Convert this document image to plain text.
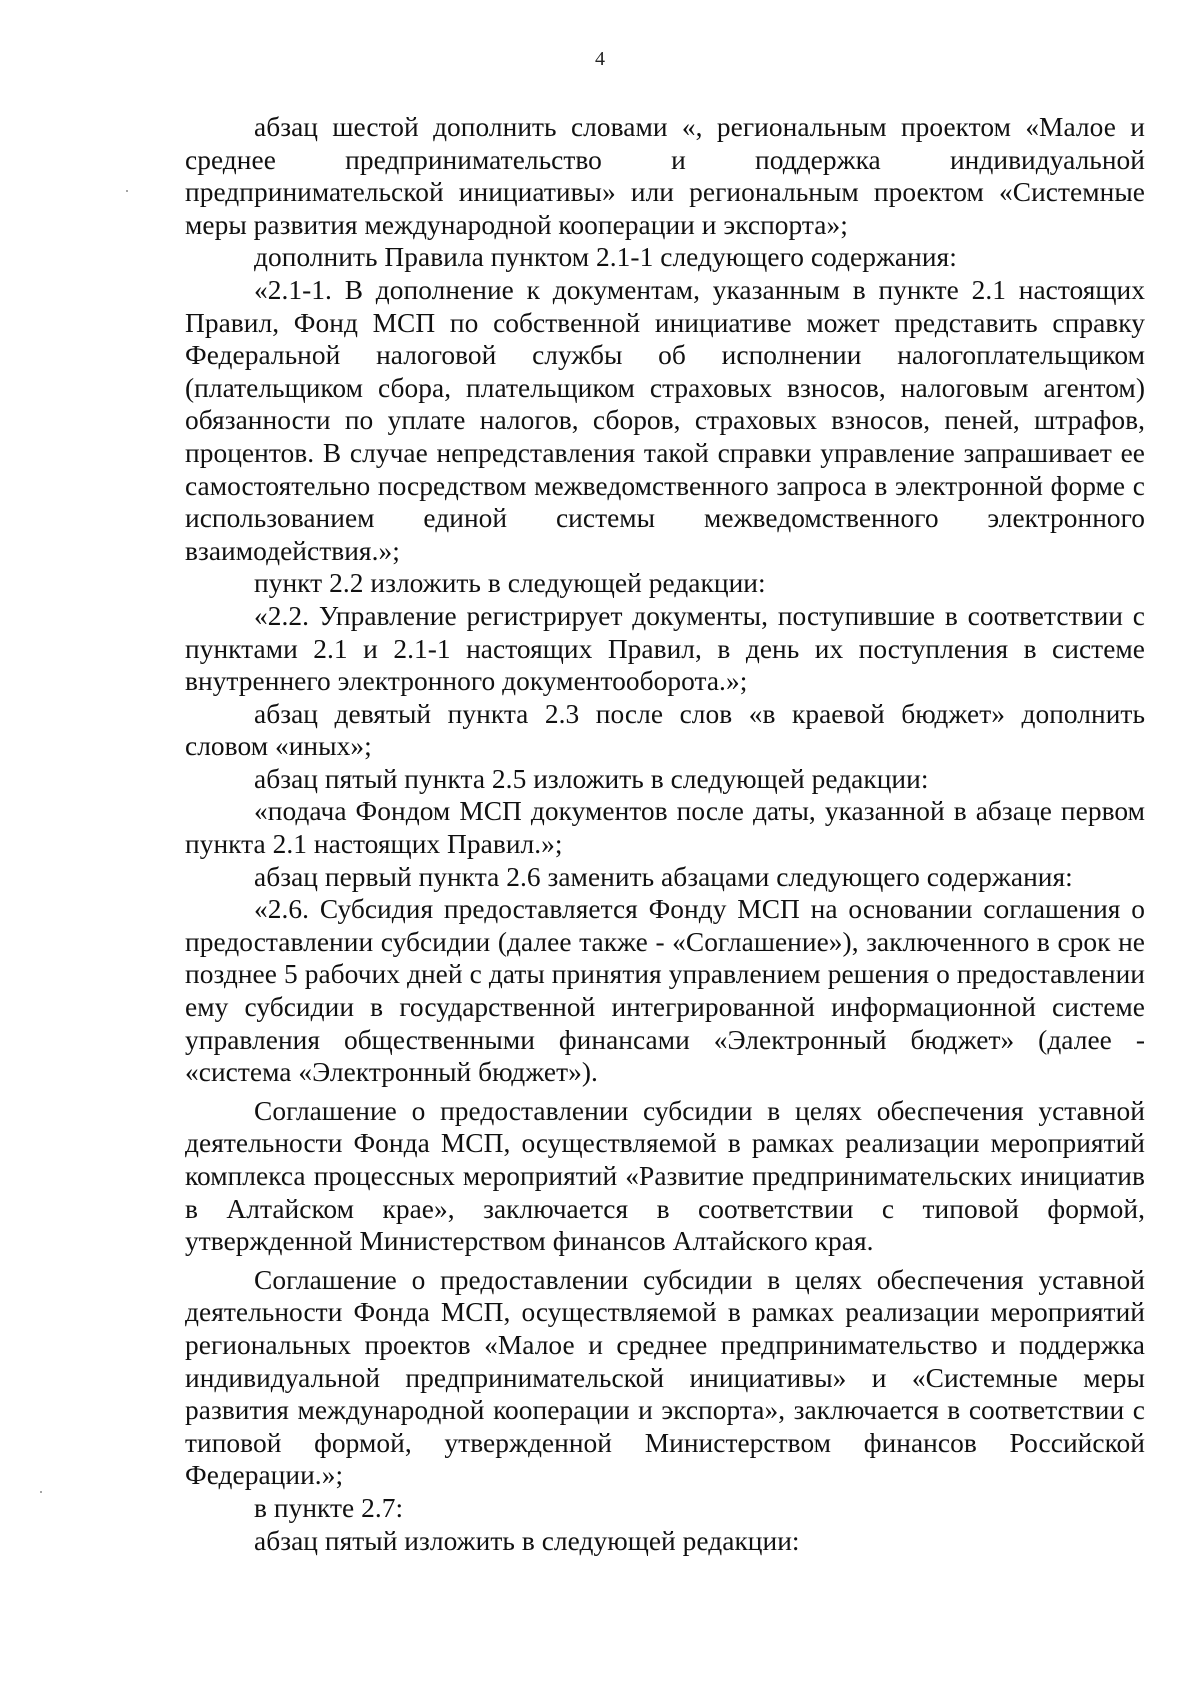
4

абзац шестой дополнить словами «, региональным проектом «Малое и среднее предпринимательство и поддержка индивидуальной предпринимательской инициативы» или региональным проектом «Системные меры развития международной кооперации и экспорта»;

дополнить Правила пунктом 2.1-1 следующего содержания:

«2.1-1. В дополнение к документам, указанным в пункте 2.1 настоящих Правил, Фонд МСП по собственной инициативе может представить справку Федеральной налоговой службы об исполнении налогоплательщиком (плательщиком сбора, плательщиком страховых взносов, налоговым агентом) обязанности по уплате налогов, сборов, страховых взносов, пеней, штрафов, процентов. В случае непредставления такой справки управление запрашивает ее самостоятельно посредством межведомственного запроса в электронной форме с использованием единой системы межведомственного электронного взаимодействия.»;

пункт 2.2 изложить в следующей редакции:

«2.2. Управление регистрирует документы, поступившие в соответствии с пунктами 2.1 и 2.1-1 настоящих Правил, в день их поступления в системе внутреннего электронного документооборота.»;

абзац девятый пункта 2.3 после слов «в краевой бюджет» дополнить словом «иных»;

абзац пятый пункта 2.5 изложить в следующей редакции:

«подача Фондом МСП документов после даты, указанной в абзаце первом пункта 2.1 настоящих Правил.»;

абзац первый пункта 2.6 заменить абзацами следующего содержания:

«2.6. Субсидия предоставляется Фонду МСП на основании соглашения о предоставлении субсидии (далее также - «Соглашение»), заключенного в срок не позднее 5 рабочих дней с даты принятия управлением решения о предоставлении ему субсидии в государственной интегрированной информационной системе управления общественными финансами «Электронный бюджет» (далее - «система «Электронный бюджет»).

Соглашение о предоставлении субсидии в целях обеспечения уставной деятельности Фонда МСП, осуществляемой в рамках реализации мероприятий комплекса процессных мероприятий «Развитие предпринимательских инициатив в Алтайском крае», заключается в соответствии с типовой формой, утвержденной Министерством финансов Алтайского края.

Соглашение о предоставлении субсидии в целях обеспечения уставной деятельности Фонда МСП, осуществляемой в рамках реализации мероприятий региональных проектов «Малое и среднее предпринимательство и поддержка индивидуальной предпринимательской инициативы» и «Системные меры развития международной кооперации и экспорта», заключается в соответствии с типовой формой, утвержденной Министерством финансов Российской Федерации.»;

в пункте 2.7:

абзац пятый изложить в следующей редакции:
